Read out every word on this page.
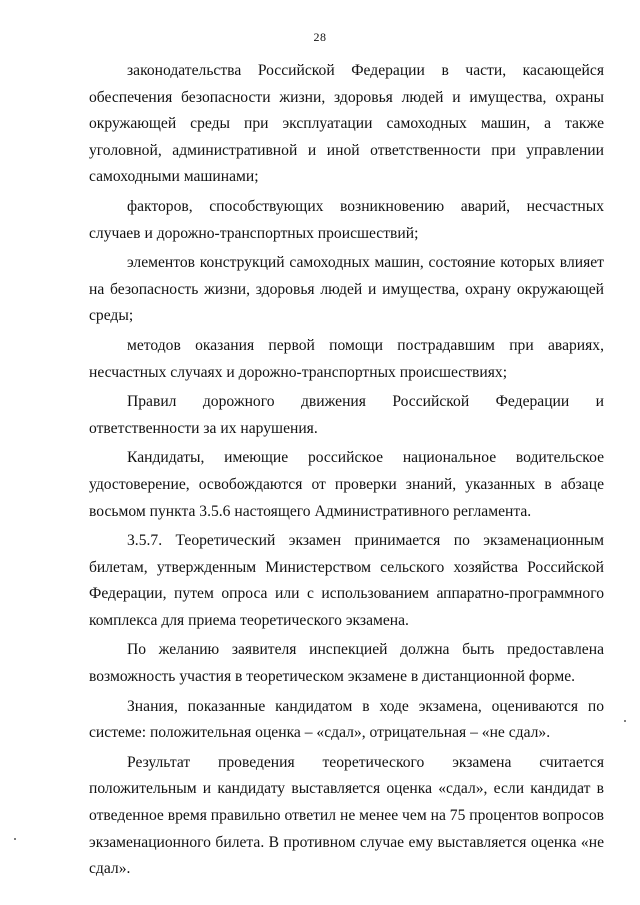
28

законодательства Российской Федерации в части, касающейся обеспечения безопасности жизни, здоровья людей и имущества, охраны окружающей среды при эксплуатации самоходных машин, а также уголовной, административной и иной ответственности при управлении самоходными машинами;

факторов, способствующих возникновению аварий, несчастных случаев и дорожно-транспортных происшествий;

элементов конструкций самоходных машин, состояние которых влияет на безопасность жизни, здоровья людей и имущества, охрану окружающей среды;

методов оказания первой помощи пострадавшим при авариях, несчастных случаях и дорожно-транспортных происшествиях;

Правил дорожного движения Российской Федерации и ответственности за их нарушения.

Кандидаты, имеющие российское национальное водительское удостоверение, освобождаются от проверки знаний, указанных в абзаце восьмом пункта 3.5.6 настоящего Административного регламента.

3.5.7. Теоретический экзамен принимается по экзаменационным билетам, утвержденным Министерством сельского хозяйства Российской Федерации, путем опроса или с использованием аппаратно-программного комплекса для приема теоретического экзамена.

По желанию заявителя инспекцией должна быть предоставлена возможность участия в теоретическом экзамене в дистанционной форме.

Знания, показанные кандидатом в ходе экзамена, оцениваются по системе: положительная оценка – «сдал», отрицательная – «не сдал».

Результат проведения теоретического экзамена считается положительным и кандидату выставляется оценка «сдал», если кандидат в отведенное время правильно ответил не менее чем на 75 процентов вопросов экзаменационного билета. В противном случае ему выставляется оценка «не сдал».
